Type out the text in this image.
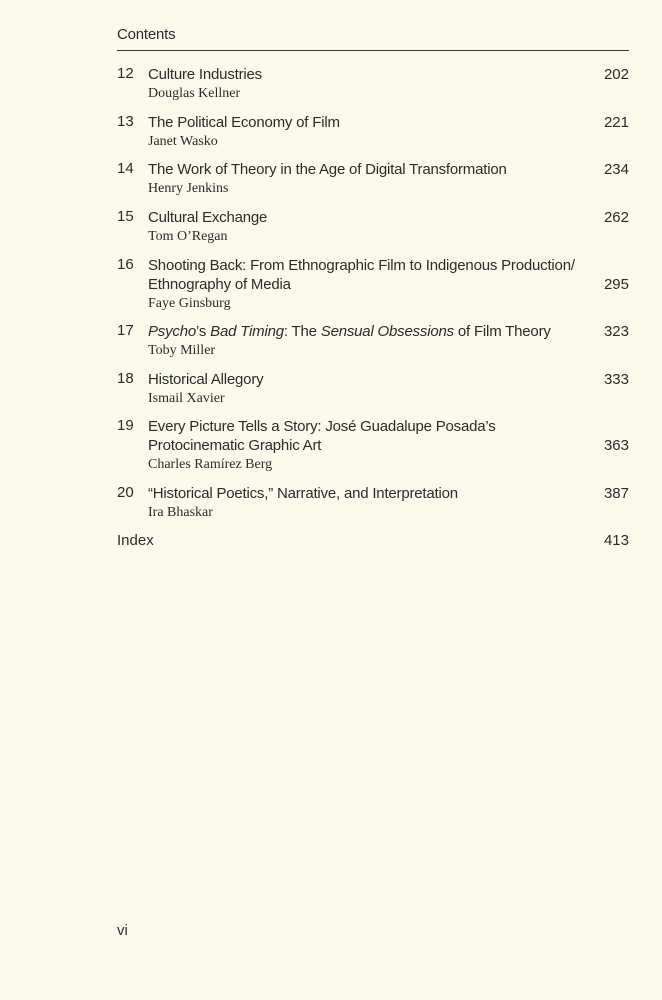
Contents
12 Culture Industries
Douglas Kellner
202
13 The Political Economy of Film
Janet Wasko
221
14 The Work of Theory in the Age of Digital Transformation
Henry Jenkins
234
15 Cultural Exchange
Tom O’Regan
262
16 Shooting Back: From Ethnographic Film to Indigenous Production/
Ethnography of Media
Faye Ginsburg
295
17 Psycho’s Bad Timing: The Sensual Obsessions of Film Theory
Toby Miller
323
18 Historical Allegory
Ismail Xavier
333
19 Every Picture Tells a Story: José Guadalupe Posada’s
Protocinematic Graphic Art
Charles Ramírez Berg
363
20 “Historical Poetics,” Narrative, and Interpretation
Ira Bhaskar
387
Index	413
vi
